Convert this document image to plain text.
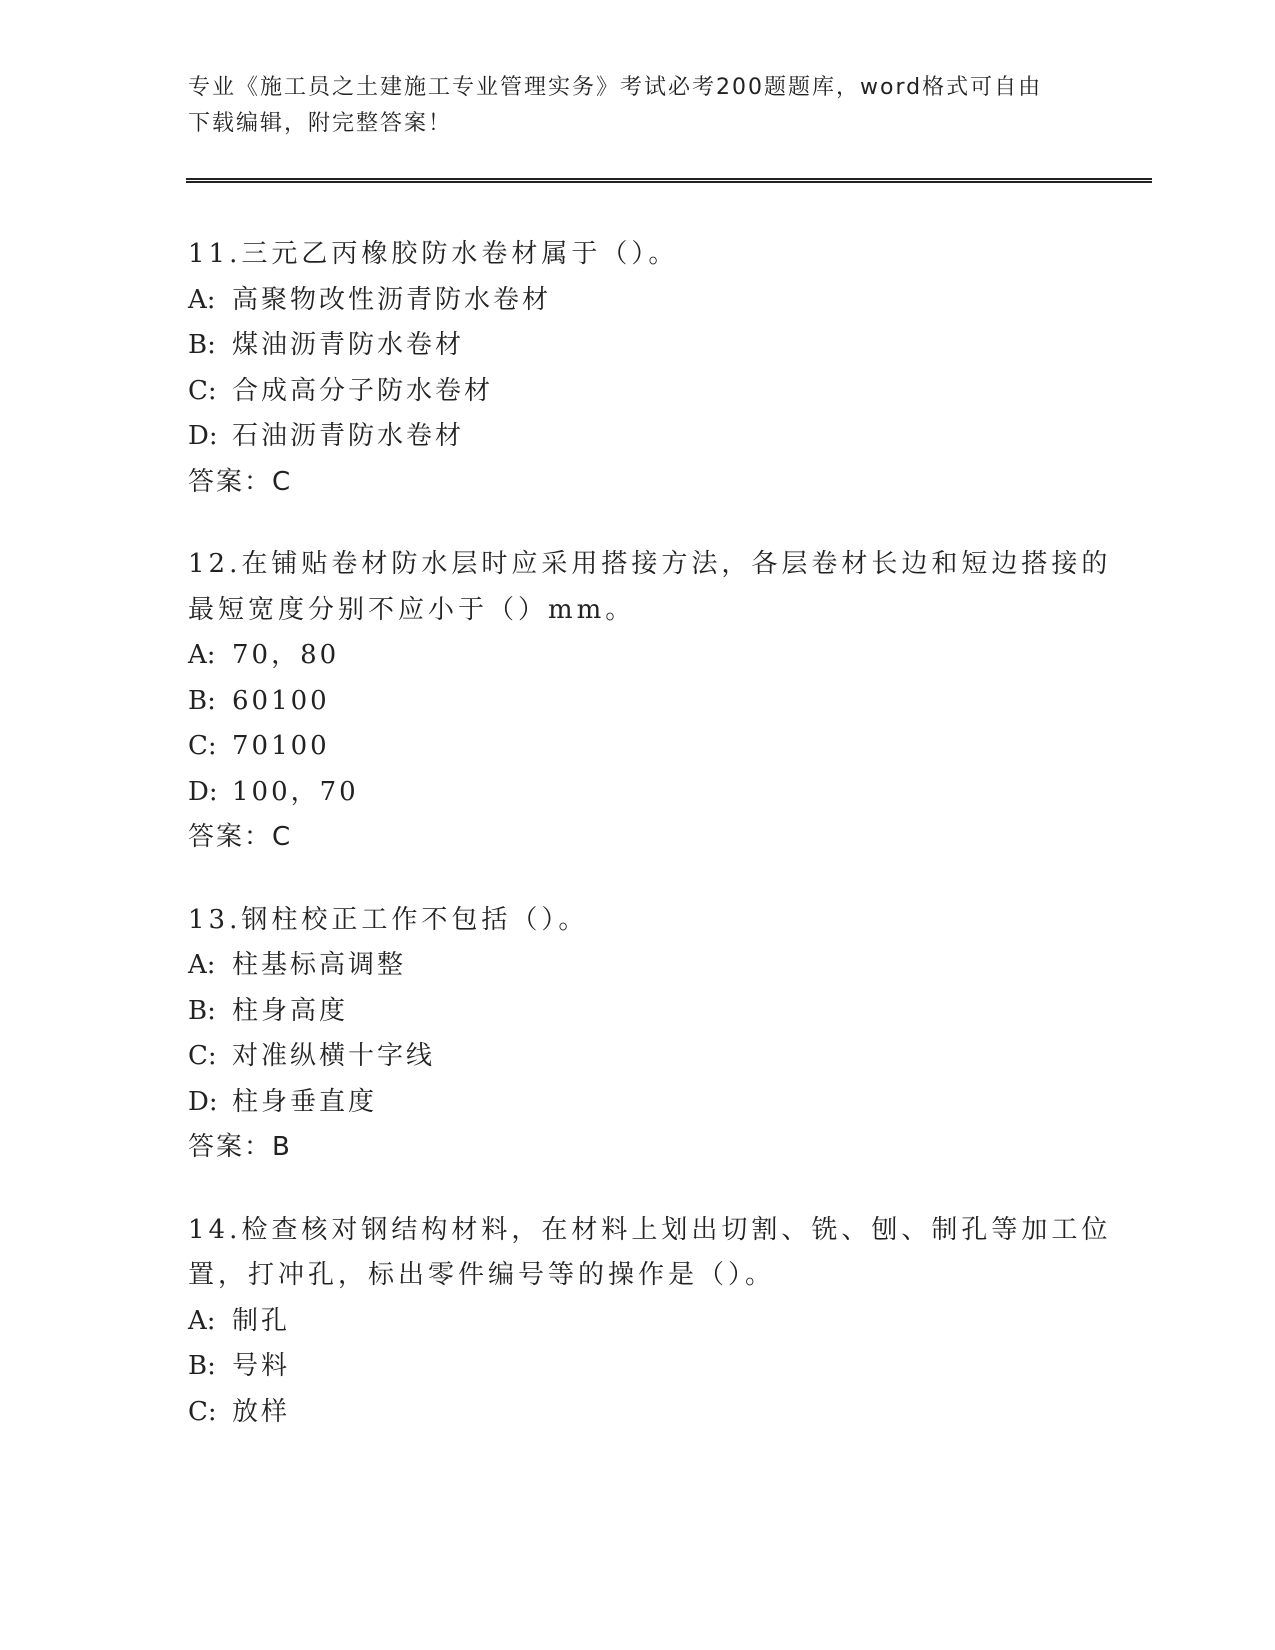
专业《施工员之土建施工专业管理实务》考试必考200题题库，word格式可自由
下载编辑，附完整答案！
11.三元乙丙橡胶防水卷材属于（）。
A: 高聚物改性沥青防水卷材
B: 煤油沥青防水卷材
C: 合成高分子防水卷材
D: 石油沥青防水卷材
答案：C
12.在铺贴卷材防水层时应采用搭接方法，各层卷材长边和短边搭接的
最短宽度分别不应小于（）mm。
A: 70，80
B: 60100
C: 70100
D: 100，70
答案：C
13.钢柱校正工作不包括（）。
A: 柱基标高调整
B: 柱身高度
C: 对准纵横十字线
D: 柱身垂直度
答案：B
14.检查核对钢结构材料，在材料上划出切割、铣、刨、制孔等加工位
置，打冲孔，标出零件编号等的操作是（）。
A: 制孔
B: 号料
C: 放样
